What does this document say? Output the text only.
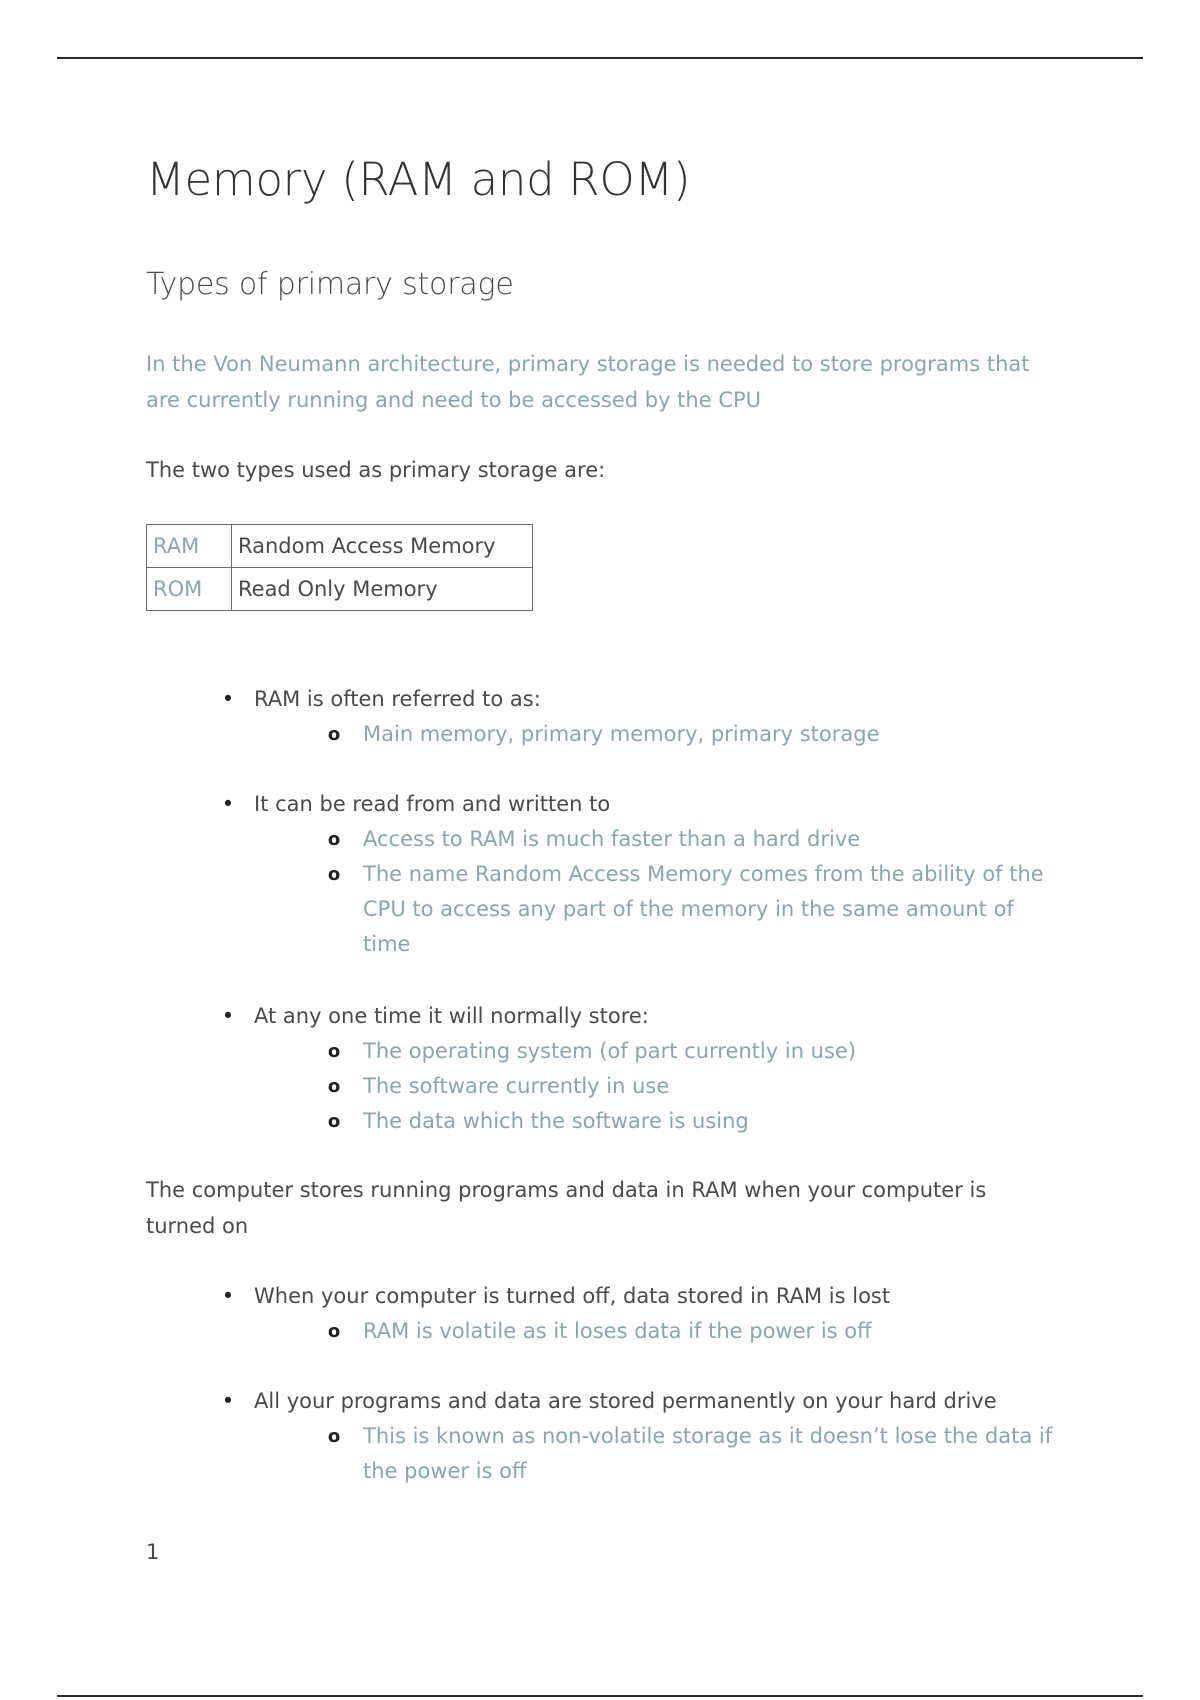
Memory (RAM and ROM)
Types of primary storage

In the Von Neumann architecture, primary storage is needed to store programs that are currently running and need to be accessed by the CPU

The two types used as primary storage are:

RAM	Random Access Memory
ROM	Read Only Memory
• RAM is often referred to as:
o Main memory, primary memory, primary storage
• It can be read from and written to
o Access to RAM is much faster than a hard drive
o The name Random Access Memory comes from the ability of the CPU to access any part of the memory in the same amount of time
• At any one time it will normally store:
o The operating system (of part currently in use)
o The software currently in use
o The data which the software is using

The computer stores running programs and data in RAM when your computer is turned on

• When your computer is turned off, data stored in RAM is lost
o RAM is volatile as it loses data if the power is off
• All your programs and data are stored permanently on your hard drive
o This is known as non-volatile storage as it doesn’t lose the data if the power is off
1
